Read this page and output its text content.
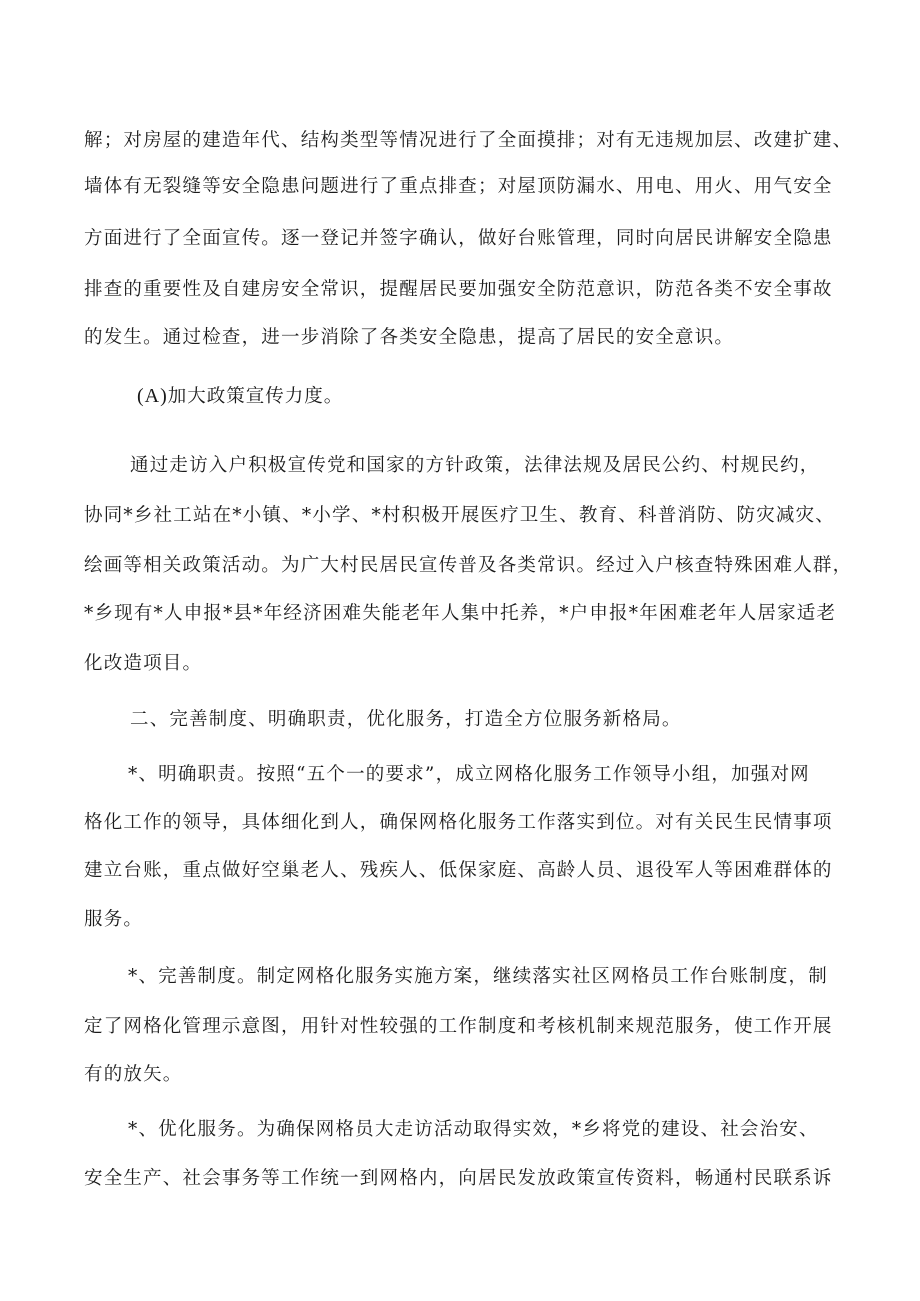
解；对房屋的建造年代、结构类型等情况进行了全面摸排；对有无违规加层、改建扩建、
墙体有无裂缝等安全隐患问题进行了重点排查；对屋顶防漏水、用电、用火、用气安全
方面进行了全面宣传。逐一登记并签字确认，做好台账管理，同时向居民讲解安全隐患
排查的重要性及自建房安全常识，提醒居民要加强安全防范意识，防范各类不安全事故
的发生。通过检查，进一步消除了各类安全隐患，提高了居民的安全意识。
(A)加大政策宣传力度。
通过走访入户积极宣传党和国家的方针政策，法律法规及居民公约、村规民约，
协同*乡社工站在*小镇、*小学、*村积极开展医疗卫生、教育、科普消防、防灾减灾、
绘画等相关政策活动。为广大村民居民宣传普及各类常识。经过入户核查特殊困难人群，
*乡现有*人申报*县*年经济困难失能老年人集中托养，*户申报*年困难老年人居家适老
化改造项目。
二、完善制度、明确职责，优化服务，打造全方位服务新格局。
*、明确职责。按照“五个一的要求”，成立网格化服务工作领导小组，加强对网
格化工作的领导，具体细化到人，确保网格化服务工作落实到位。对有关民生民情事项
建立台账，重点做好空巢老人、残疾人、低保家庭、高龄人员、退役军人等困难群体的
服务。
*、完善制度。制定网格化服务实施方案，继续落实社区网格员工作台账制度，制
定了网格化管理示意图，用针对性较强的工作制度和考核机制来规范服务，使工作开展
有的放矢。
*、优化服务。为确保网格员大走访活动取得实效，*乡将党的建设、社会治安、
安全生产、社会事务等工作统一到网格内，向居民发放政策宣传资料，畅通村民联系诉
